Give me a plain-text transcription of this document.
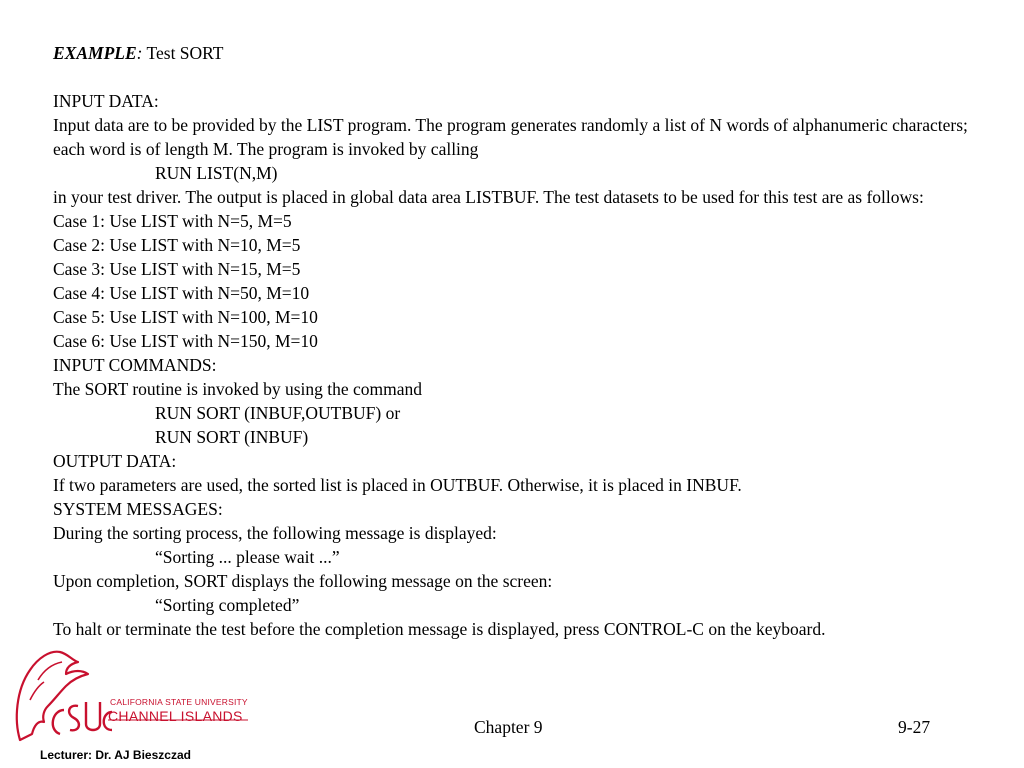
EXAMPLE: Test SORT
INPUT DATA:
Input data are to be provided by the LIST program. The program generates randomly a list of N words of alphanumeric characters; each word is of length M. The program is invoked by calling
RUN LIST(N,M)
in your test driver. The output is placed in global data area LISTBUF. The test datasets to be used for this test are as follows:
Case 1: Use LIST with N=5, M=5
Case 2: Use LIST with N=10, M=5
Case 3: Use LIST with N=15, M=5
Case 4: Use LIST with N=50, M=10
Case 5: Use LIST with N=100, M=10
Case 6: Use LIST with N=150, M=10
INPUT COMMANDS:
The SORT routine is invoked by using the command
RUN SORT (INBUF,OUTBUF) or
RUN SORT (INBUF)
OUTPUT DATA:
If two parameters are used, the sorted list is placed in OUTBUF. Otherwise, it is placed in INBUF.
SYSTEM MESSAGES:
During the sorting process, the following message is displayed:
“Sorting ... please wait ...”
Upon completion, SORT displays the following message on the screen:
“Sorting completed”
To halt or terminate the test before the completion message is displayed, press CONTROL-C on the keyboard.
CALIFORNIA STATE UNIVERSITY
CHANNEL ISLANDS
Chapter 9	9-27
Lecturer: Dr. AJ Bieszczad
